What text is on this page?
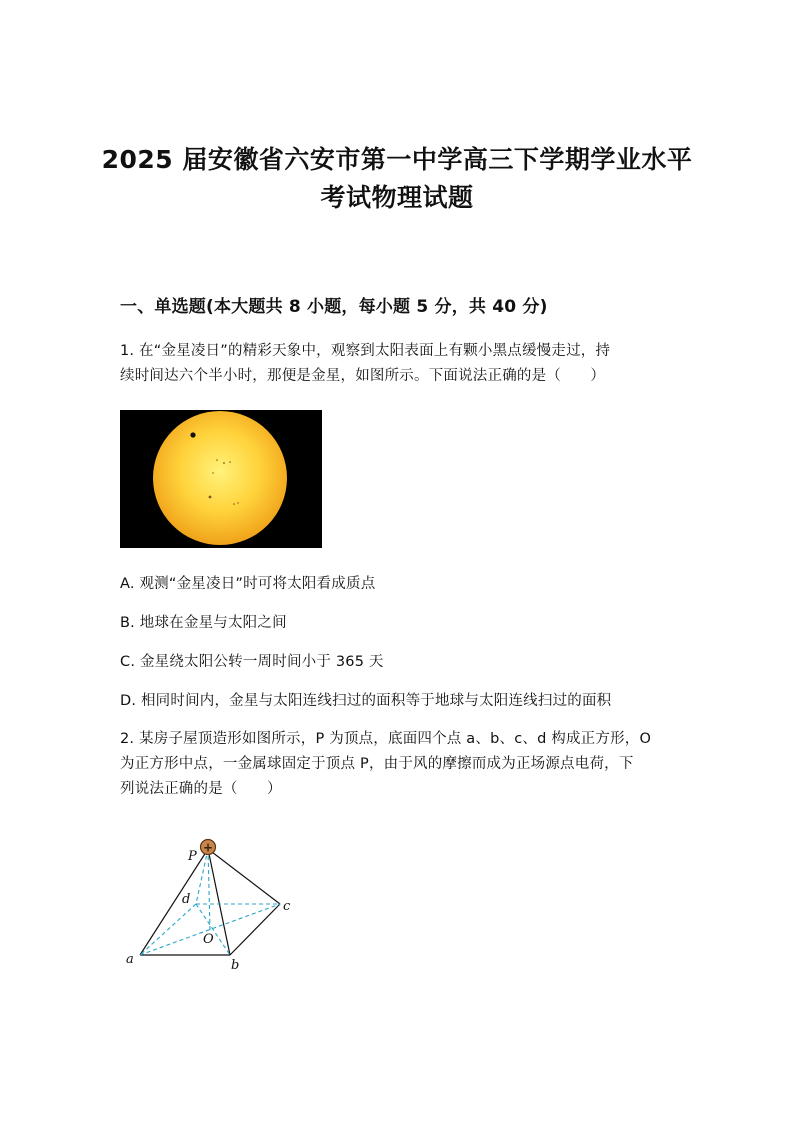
2025 届安徽省六安市第一中学高三下学期学业水平
考试物理试题
一、单选题(本大题共 8 小题，每小题 5 分，共 40 分)
1. 在“金星凌日”的精彩天象中，观察到太阳表面上有颗小黑点缓慢走过，持
续时间达六个半小时，那便是金星，如图所示。下面说法正确的是（　　）
A. 观测“金星凌日”时可将太阳看成质点
B. 地球在金星与太阳之间
C. 金星绕太阳公转一周时间小于 365 天
D. 相同时间内，金星与太阳连线扫过的面积等于地球与太阳连线扫过的面积
2. 某房子屋顶造形如图所示，P 为顶点，底面四个点 a、b、c、d 构成正方形，O
为正方形中点，一金属球固定于顶点 P，由于风的摩擦而成为正场源点电荷，下
列说法正确的是（　　）
+
P
d	c
O
a	b
